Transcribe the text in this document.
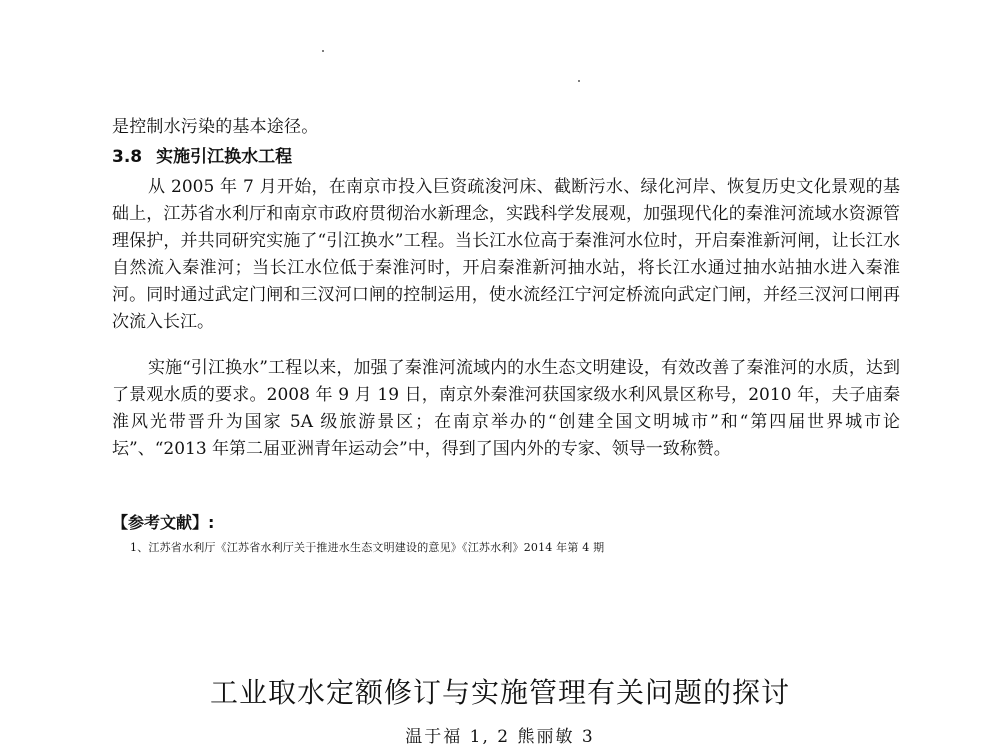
是控制水污染的基本途径。
3.8 实施引江换水工程

从 2005 年 7 月开始，在南京市投入巨资疏浚河床、截断污水、绿化河岸、恢复历史文化景观的基础上，江苏省水利厅和南京市政府贯彻治水新理念，实践科学发展观，加强现代化的秦淮河流域水资源管理保护，并共同研究实施了“引江换水”工程。当长江水位高于秦淮河水位时，开启秦淮新河闸，让长江水自然流入秦淮河；当长江水位低于秦淮河时，开启秦淮新河抽水站，将长江水通过抽水站抽水进入秦淮河。同时通过武定门闸和三汊河口闸的控制运用，使水流经江宁河定桥流向武定门闸，并经三汊河口闸再次流入长江。

实施“引江换水”工程以来，加强了秦淮河流域内的水生态文明建设，有效改善了秦淮河的水质，达到了景观水质的要求。2008 年 9 月 19 日，南京外秦淮河获国家级水利风景区称号，2010 年，夫子庙秦淮风光带晋升为国家 5A 级旅游景区；在南京举办的“创建全国文明城市”和“第四届世界城市论坛”、“2013 年第二届亚洲青年运动会”中，得到了国内外的专家、领导一致称赞。

【参考文献】:
1、江苏省水利厅《江苏省水利厅关于推进水生态文明建设的意见》《江苏水利》2014 年第 4 期
工业取水定额修订与实施管理有关问题的探讨
温于福 1, 2 熊丽敏 3
